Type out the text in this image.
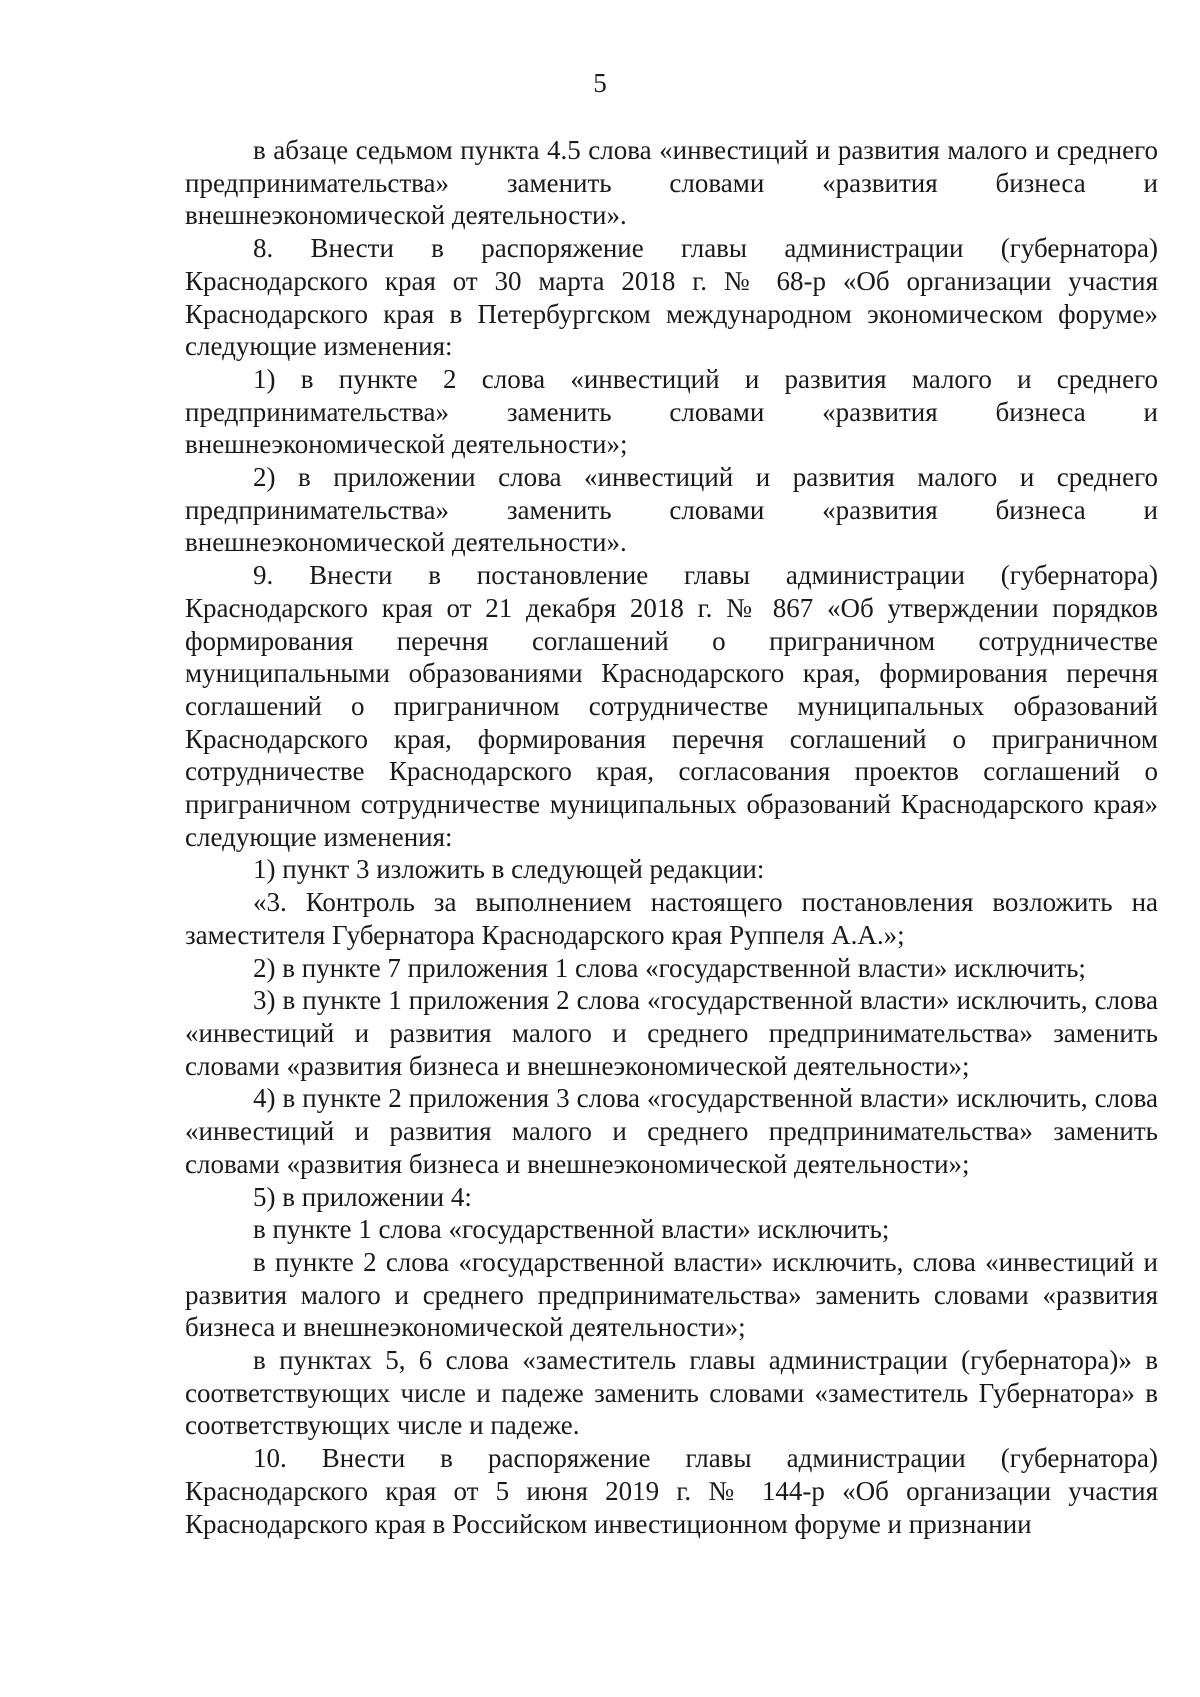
5

в абзаце седьмом пункта 4.5 слова «инвестиций и развития малого и среднего предпринимательства» заменить словами «развития бизнеса и внешнеэкономической деятельности».

8. Внести в распоряжение главы администрации (губернатора) Краснодарского края от 30 марта 2018 г. № 68-р «Об организации участия Краснодарского края в Петербургском международном экономическом форуме» следующие изменения:

1) в пункте 2 слова «инвестиций и развития малого и среднего предпринимательства» заменить словами «развития бизнеса и внешнеэкономической деятельности»;

2) в приложении слова «инвестиций и развития малого и среднего предпринимательства» заменить словами «развития бизнеса и внешнеэкономической деятельности».

9. Внести в постановление главы администрации (губернатора) Краснодарского края от 21 декабря 2018 г. № 867 «Об утверждении порядков формирования перечня соглашений о приграничном сотрудничестве муниципальными образованиями Краснодарского края, формирования перечня соглашений о приграничном сотрудничестве муниципальных образований Краснодарского края, формирования перечня соглашений о приграничном сотрудничестве Краснодарского края, согласования проектов соглашений о приграничном сотрудничестве муниципальных образований Краснодарского края» следующие изменения:

1) пункт 3 изложить в следующей редакции:

«3. Контроль за выполнением настоящего постановления возложить на заместителя Губернатора Краснодарского края Руппеля А.А.»;

2) в пункте 7 приложения 1 слова «государственной власти» исключить;

3) в пункте 1 приложения 2 слова «государственной власти» исключить, слова «инвестиций и развития малого и среднего предпринимательства» заменить словами «развития бизнеса и внешнеэкономической деятельности»;

4) в пункте 2 приложения 3 слова «государственной власти» исключить, слова «инвестиций и развития малого и среднего предпринимательства» заменить словами «развития бизнеса и внешнеэкономической деятельности»;

5) в приложении 4:

в пункте 1 слова «государственной власти» исключить;

в пункте 2 слова «государственной власти» исключить, слова «инвестиций и развития малого и среднего предпринимательства» заменить словами «развития бизнеса и внешнеэкономической деятельности»;

в пунктах 5, 6 слова «заместитель главы администрации (губернатора)» в соответствующих числе и падеже заменить словами «заместитель Губернатора» в соответствующих числе и падеже.

10. Внести в распоряжение главы администрации (губернатора) Краснодарского края от 5 июня 2019 г. № 144-р «Об организации участия Краснодарского края в Российском инвестиционном форуме и признании
